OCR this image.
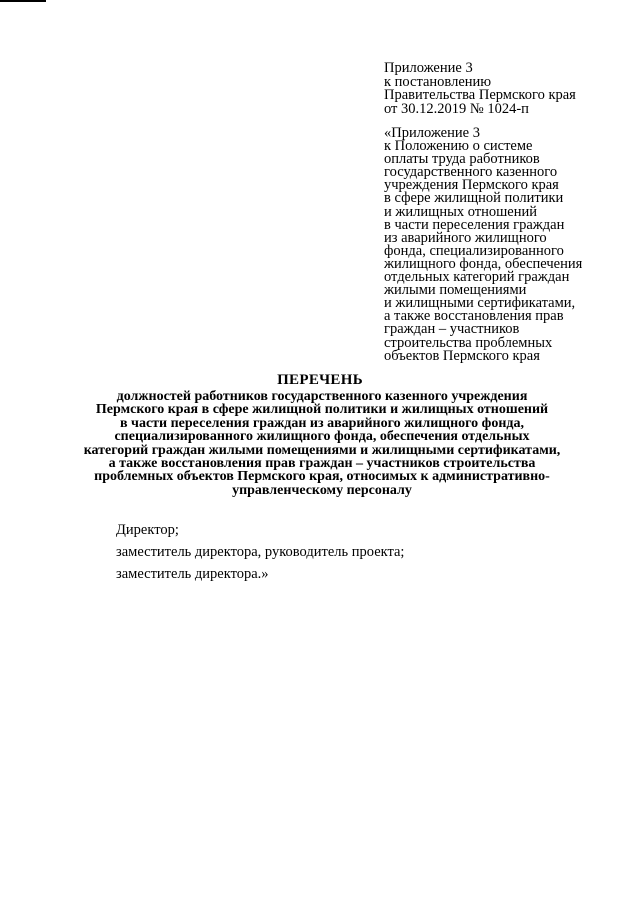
Приложение 3
к постановлению
Правительства Пермского края
от 30.12.2019 № 1024-п
«Приложение 3
к Положению о системе
оплаты труда работников
государственного казенного
учреждения Пермского края
в сфере жилищной политики
и жилищных отношений
в части переселения граждан
из аварийного жилищного
фонда, специализированного
жилищного фонда, обеспечения
отдельных категорий граждан
жилыми помещениями
и жилищными сертификатами,
а также восстановления прав
граждан – участников
строительства проблемных
объектов Пермского края
ПЕРЕЧЕНЬ
должностей работников государственного казенного учреждения
Пермского края в сфере жилищной политики и жилищных отношений
в части переселения граждан из аварийного жилищного фонда,
специализированного жилищного фонда, обеспечения отдельных
категорий граждан жилыми помещениями и жилищными сертификатами,
а также восстановления прав граждан – участников строительства
проблемных объектов Пермского края, относимых к административно-
управленческому персоналу
Директор;
заместитель директора, руководитель проекта;
заместитель директора.»
